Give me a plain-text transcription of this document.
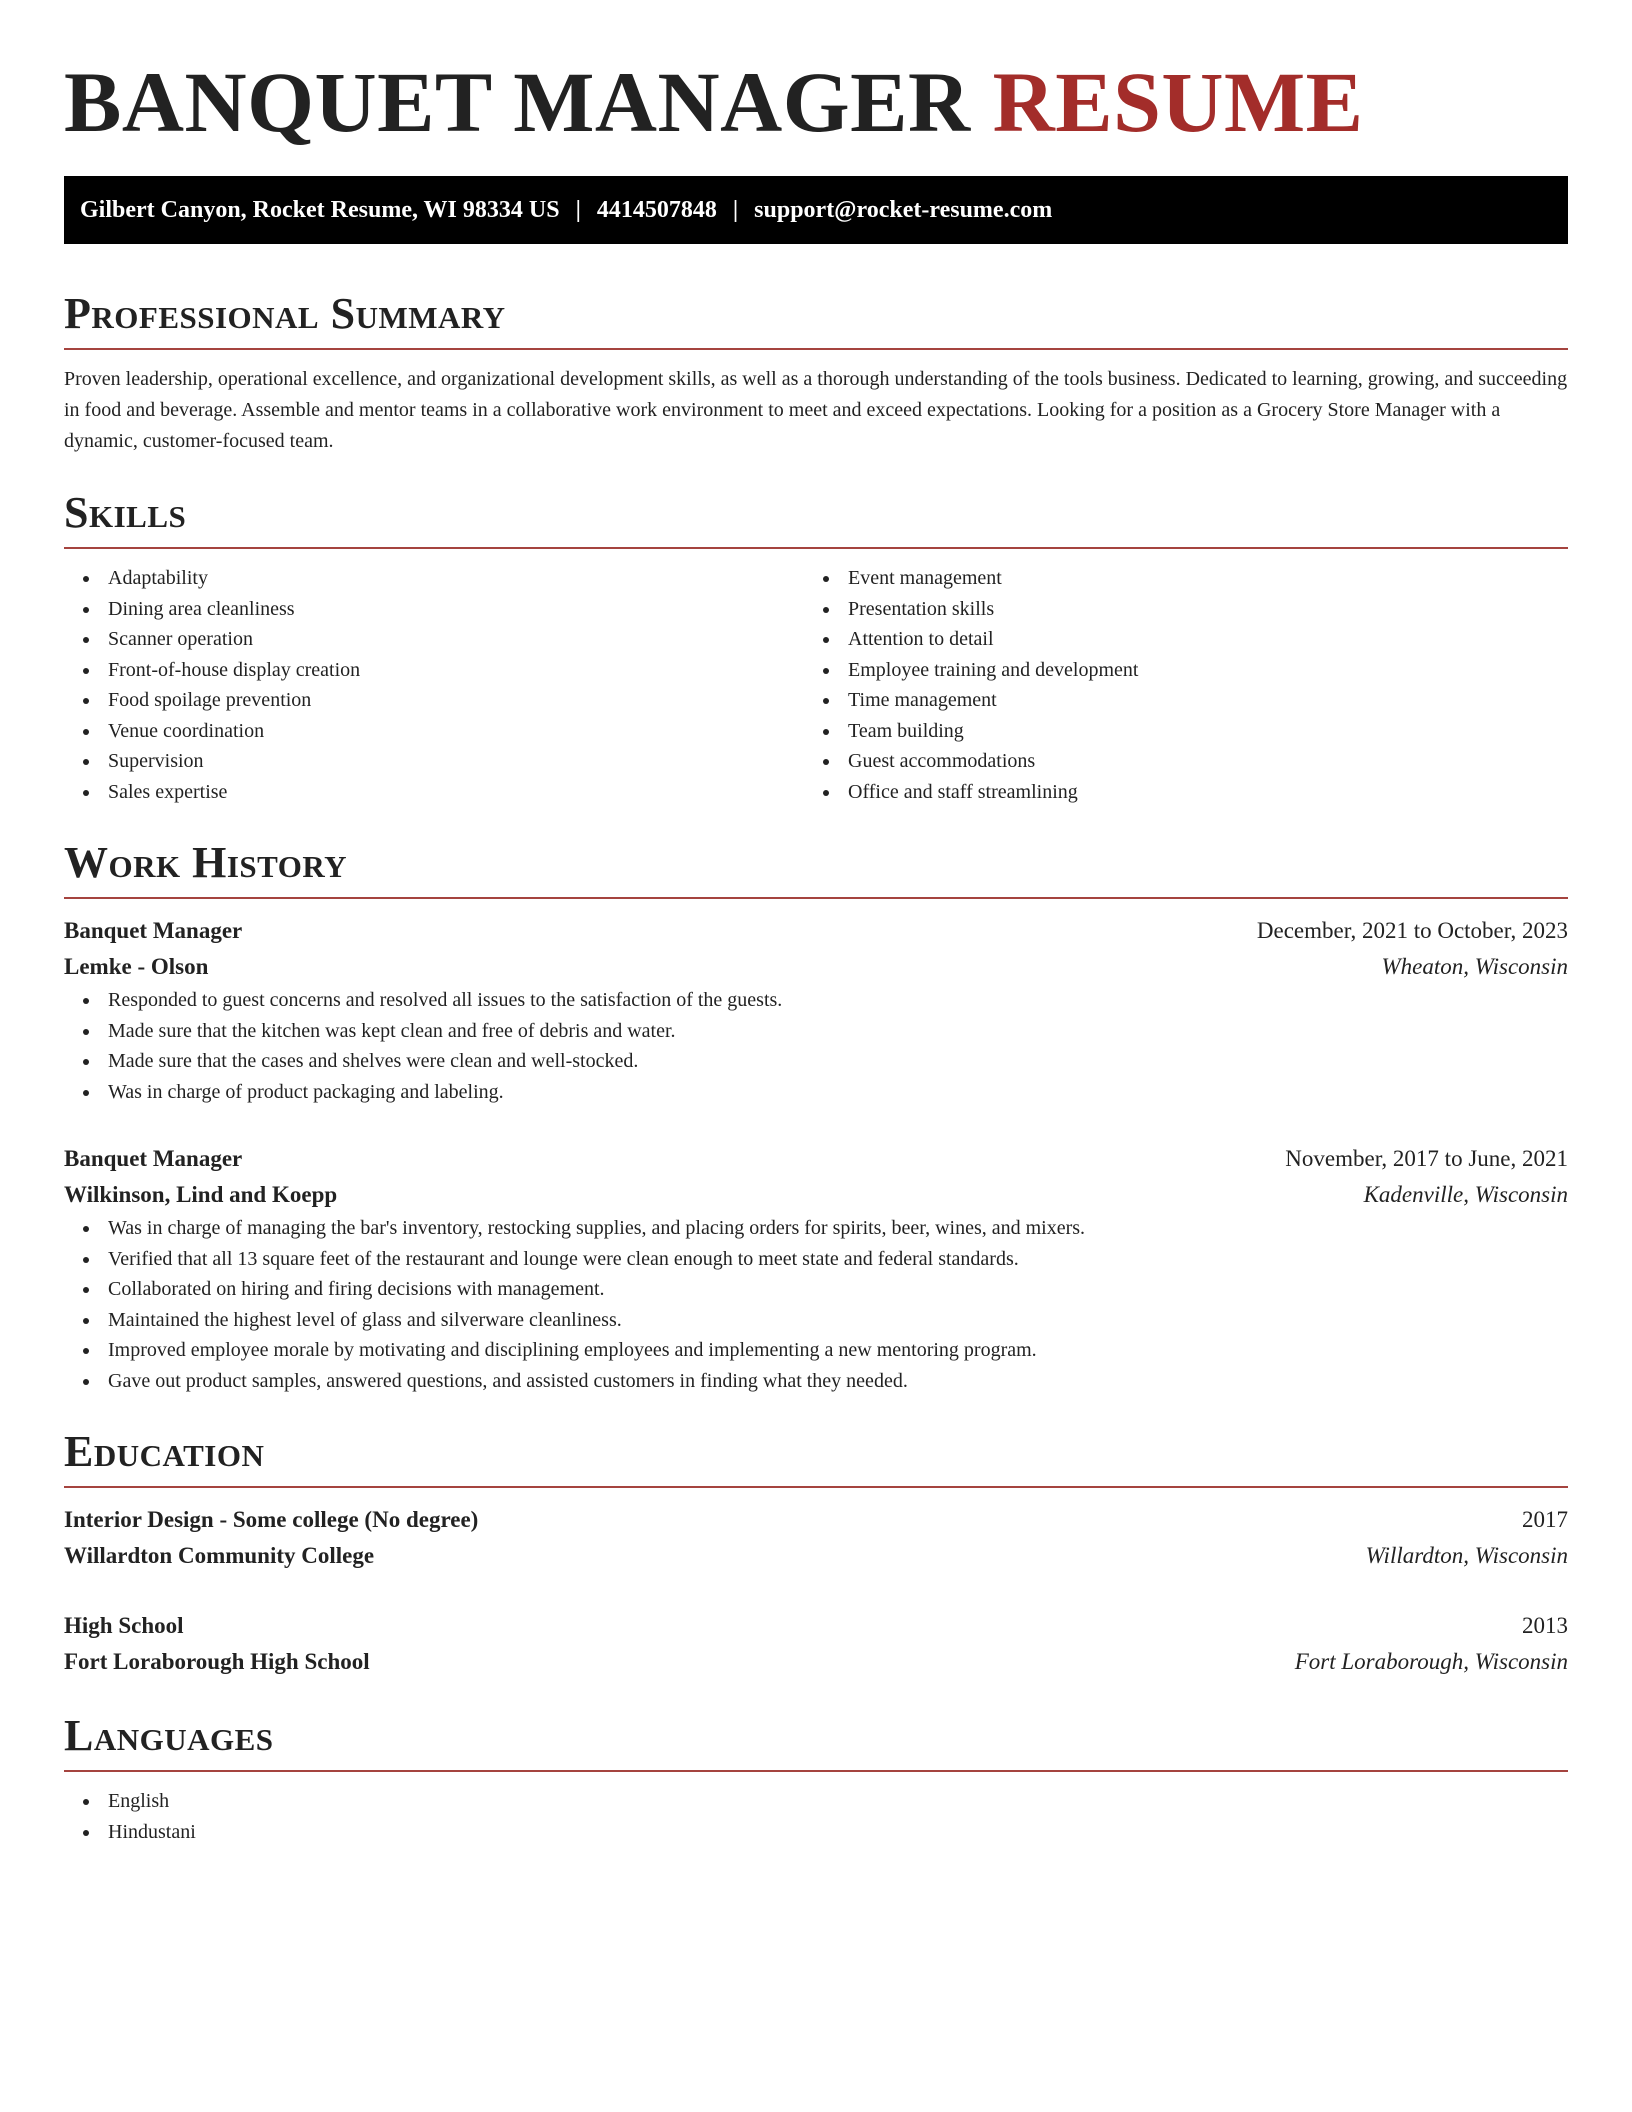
BANQUET MANAGER RESUME
Gilbert Canyon, Rocket Resume, WI 98334 US | 4414507848 | support@rocket-resume.com
Professional Summary

Proven leadership, operational excellence, and organizational development skills, as well as a thorough understanding of the tools business. Dedicated to learning, growing, and succeeding in food and beverage. Assemble and mentor teams in a collaborative work environment to meet and exceed expectations. Looking for a position as a Grocery Store Manager with a dynamic, customer-focused team.

Skills
Adaptability
Dining area cleanliness
Scanner operation
Front-of-house display creation
Food spoilage prevention
Venue coordination
Supervision
Sales expertise
Event management
Presentation skills
Attention to detail
Employee training and development
Time management
Team building
Guest accommodations
Office and staff streamlining
Work History
Banquet Manager	December, 2021 to October, 2023
Lemke - Olson	Wheaton, Wisconsin
Responded to guest concerns and resolved all issues to the satisfaction of the guests.
Made sure that the kitchen was kept clean and free of debris and water.
Made sure that the cases and shelves were clean and well-stocked.
Was in charge of product packaging and labeling.
Banquet Manager	November, 2017 to June, 2021
Wilkinson, Lind and Koepp	Kadenville, Wisconsin
Was in charge of managing the bar's inventory, restocking supplies, and placing orders for spirits, beer, wines, and mixers.
Verified that all 13 square feet of the restaurant and lounge were clean enough to meet state and federal standards.
Collaborated on hiring and firing decisions with management.
Maintained the highest level of glass and silverware cleanliness.
Improved employee morale by motivating and disciplining employees and implementing a new mentoring program.
Gave out product samples, answered questions, and assisted customers in finding what they needed.
Education
Interior Design - Some college (No degree)	2017
Willardton Community College	Willardton, Wisconsin
High School	2013
Fort Loraborough High School	Fort Loraborough, Wisconsin
Languages
English
Hindustani
